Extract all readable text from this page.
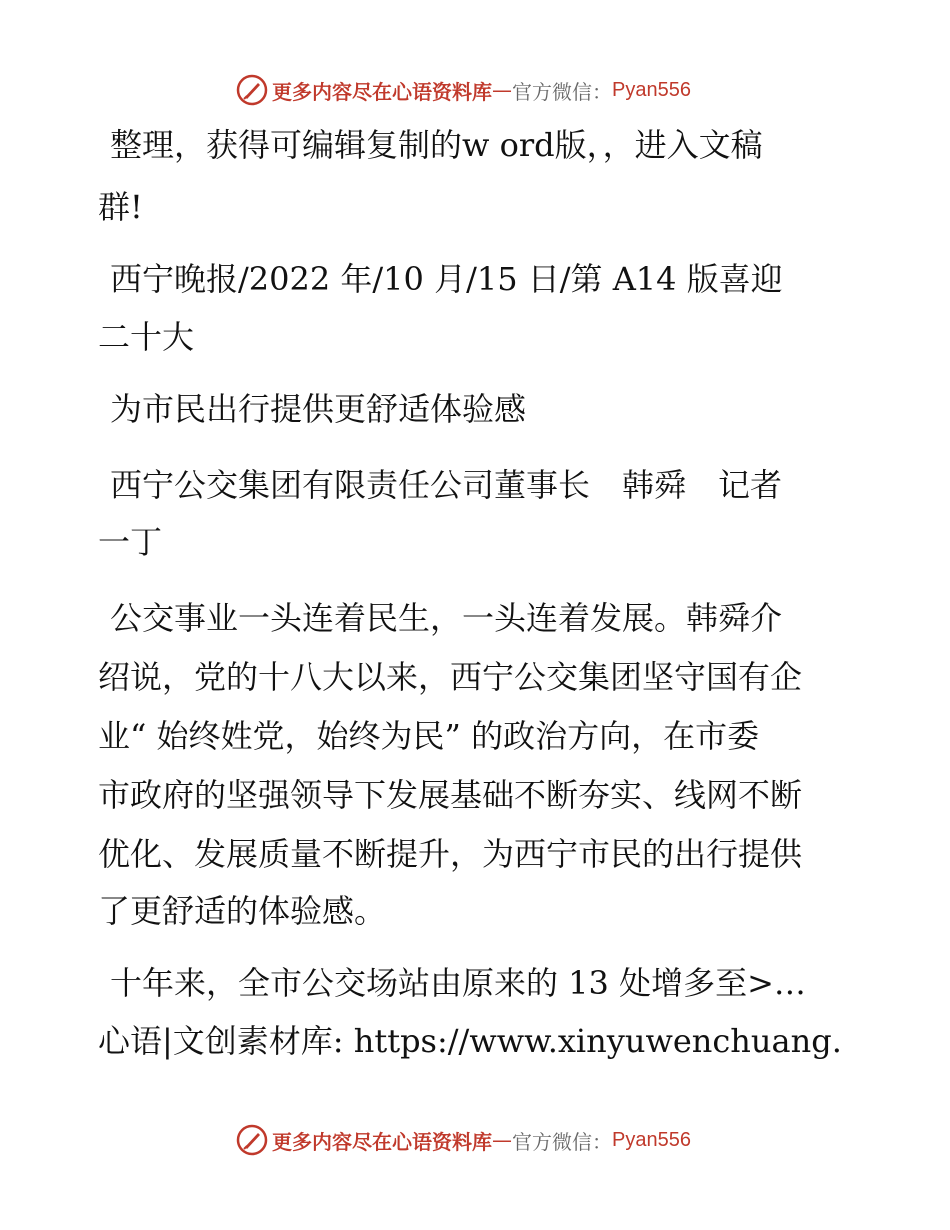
更多内容尽在心语资料库 — 官方微信： Pyan556
整理，获得可编辑复制的w ord版，，进入文稿
群!
西宁晚报/2022 年/10 月/15 日/第 A14 版喜迎
二十大
为市民出行提供更舒适体验感
西宁公交集团有限责任公司董事长　韩舜　记者
一丁
公交事业一头连着民生，一头连着发展。韩舜介
绍说，党的十八大以来，西宁公交集团坚守国有企
业“ 始终姓党，始终为民” 的政治方向，在市委
市政府的坚强领导下发展基础不断夯实、线网不断
优化、发展质量不断提升，为西宁市民的出行提供
了更舒适的体验感。
十年来，全市公交场站由原来的 13 处增多至>…
心语|文创素材库: https://www.xinyuwenchuang.
更多内容尽在心语资料库 — 官方微信： Pyan556
